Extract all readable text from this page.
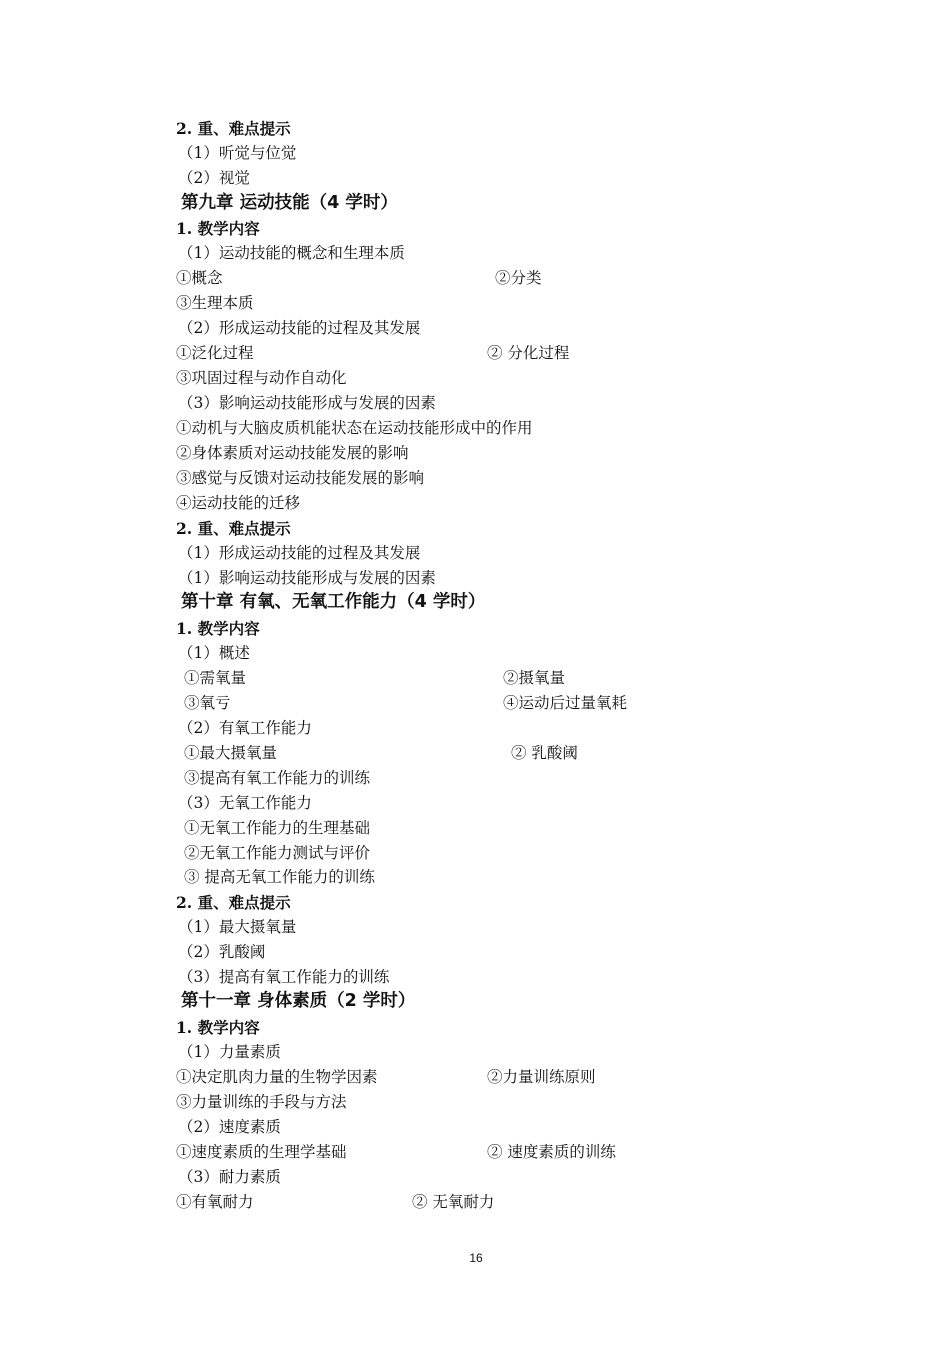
2. 重、难点提示
（1）听觉与位觉
（2）视觉
第九章 运动技能（4 学时）
1. 教学内容
（1）运动技能的概念和生理本质
①概念	②分类
③生理本质
（2）形成运动技能的过程及其发展
①泛化过程	② 分化过程
③巩固过程与动作自动化
（3）影响运动技能形成与发展的因素
①动机与大脑皮质机能状态在运动技能形成中的作用
②身体素质对运动技能发展的影响
③感觉与反馈对运动技能发展的影响
④运动技能的迁移
2. 重、难点提示
（1）形成运动技能的过程及其发展
（1）影响运动技能形成与发展的因素
第十章 有氧、无氧工作能力（4 学时）
1. 教学内容
（1）概述
①需氧量	②摄氧量
③氧亏	④运动后过量氧耗
（2）有氧工作能力
①最大摄氧量	② 乳酸阈
③提高有氧工作能力的训练
（3）无氧工作能力
①无氧工作能力的生理基础
②无氧工作能力测试与评价
③ 提高无氧工作能力的训练
2. 重、难点提示
（1）最大摄氧量
（2）乳酸阈
（3）提高有氧工作能力的训练
第十一章 身体素质（2 学时）
1. 教学内容
（1）力量素质
①决定肌肉力量的生物学因素	②力量训练原则
③力量训练的手段与方法
（2）速度素质
①速度素质的生理学基础	② 速度素质的训练
（3）耐力素质
①有氧耐力	② 无氧耐力
16
